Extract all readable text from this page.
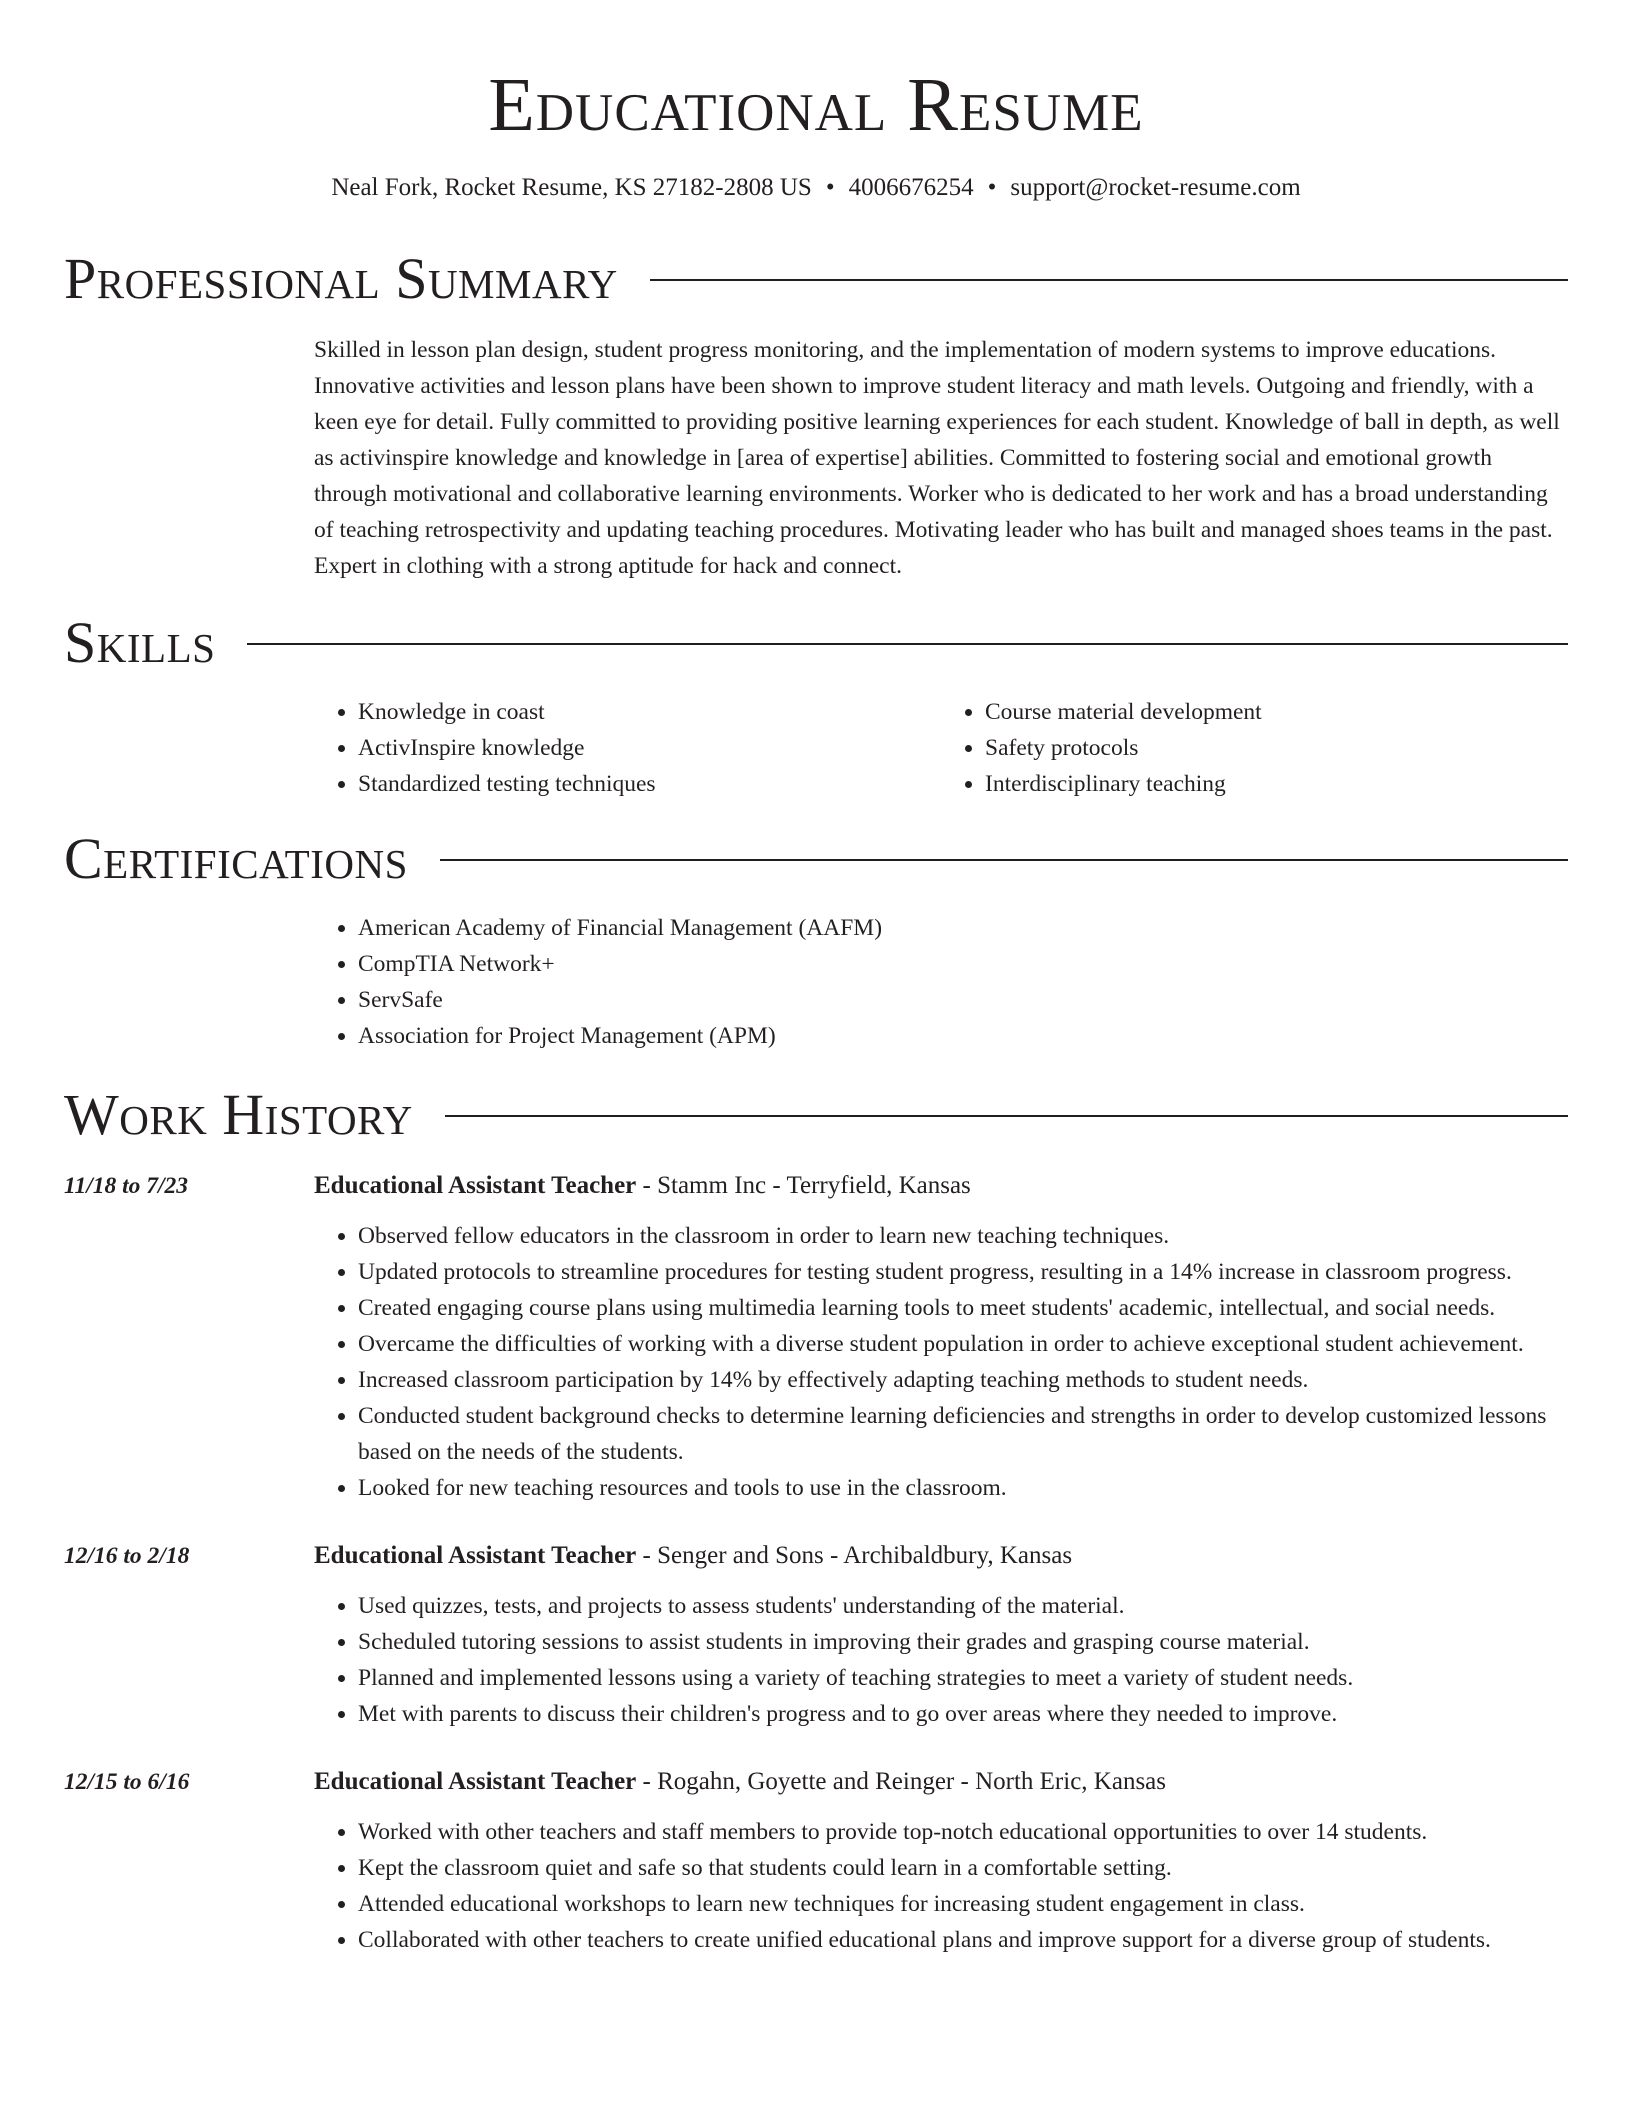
Educational Resume
Neal Fork, Rocket Resume, KS 27182-2808 US • 4006676254 • support@rocket-resume.com
Professional Summary

Skilled in lesson plan design, student progress monitoring, and the implementation of modern systems to improve educations. Innovative activities and lesson plans have been shown to improve student literacy and math levels. Outgoing and friendly, with a keen eye for detail. Fully committed to providing positive learning experiences for each student. Knowledge of ball in depth, as well as activinspire knowledge and knowledge in [area of expertise] abilities. Committed to fostering social and emotional growth through motivational and collaborative learning environments. Worker who is dedicated to her work and has a broad understanding of teaching retrospectivity and updating teaching procedures. Motivating leader who has built and managed shoes teams in the past. Expert in clothing with a strong aptitude for hack and connect.

Skills
• Knowledge in coast
• ActivInspire knowledge
• Standardized testing techniques
• Course material development
• Safety protocols
• Interdisciplinary teaching
Certifications
• American Academy of Financial Management (AAFM)
• CompTIA Network+
• ServSafe
• Association for Project Management (APM)
Work History
11/18 to 7/23	Educational Assistant Teacher - Stamm Inc - Terryfield, Kansas
• Observed fellow educators in the classroom in order to learn new teaching techniques.
• Updated protocols to streamline procedures for testing student progress, resulting in a 14% increase in classroom progress.
• Created engaging course plans using multimedia learning tools to meet students' academic, intellectual, and social needs.
• Overcame the difficulties of working with a diverse student population in order to achieve exceptional student achievement.
• Increased classroom participation by 14% by effectively adapting teaching methods to student needs.
• Conducted student background checks to determine learning deficiencies and strengths in order to develop customized lessons based on the needs of the students.
• Looked for new teaching resources and tools to use in the classroom.
12/16 to 2/18	Educational Assistant Teacher - Senger and Sons - Archibaldbury, Kansas
• Used quizzes, tests, and projects to assess students' understanding of the material.
• Scheduled tutoring sessions to assist students in improving their grades and grasping course material.
• Planned and implemented lessons using a variety of teaching strategies to meet a variety of student needs.
• Met with parents to discuss their children's progress and to go over areas where they needed to improve.
12/15 to 6/16	Educational Assistant Teacher - Rogahn, Goyette and Reinger - North Eric, Kansas
• Worked with other teachers and staff members to provide top-notch educational opportunities to over 14 students.
• Kept the classroom quiet and safe so that students could learn in a comfortable setting.
• Attended educational workshops to learn new techniques for increasing student engagement in class.
• Collaborated with other teachers to create unified educational plans and improve support for a diverse group of students.
